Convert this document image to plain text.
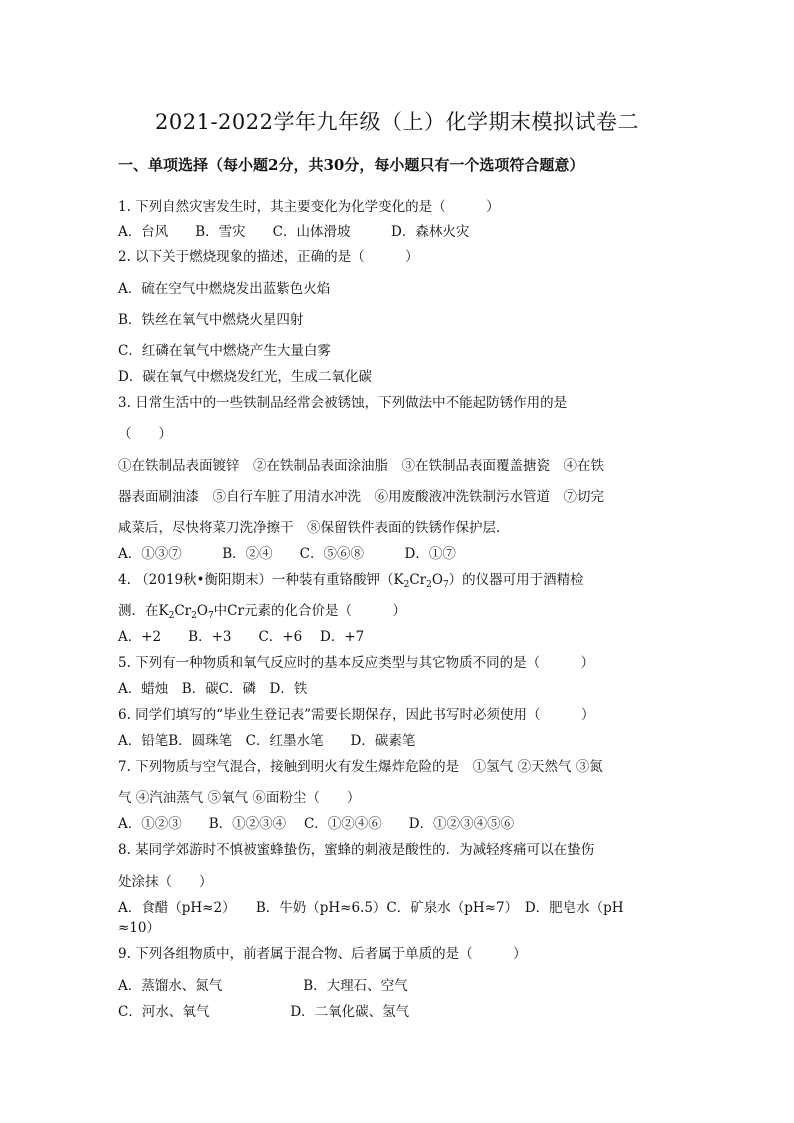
2021-2022学年九年级（上）化学期末模拟试卷二
一、单项选择（每小题2分，共30分，每小题只有一个选项符合题意）
1. 下列自然灾害发生时，其主要变化为化学变化的是（　　　）
A．台风　　B．雪灾　　C．山体滑坡　　　D．森林火灾
2. 以下关于燃烧现象的描述，正确的是（　　　）
A．硫在空气中燃烧发出蓝紫色火焰
B．铁丝在氧气中燃烧火星四射
C．红磷在氧气中燃烧产生大量白雾
D．碳在氧气中燃烧发红光，生成二氧化碳
3. 日常生活中的一些铁制品经常会被锈蚀，下列做法中不能起防锈作用的是
（　　）
①在铁制品表面镀锌　②在铁制品表面涂油脂　③在铁制品表面覆盖搪瓷　④在铁
器表面刷油漆　⑤自行车脏了用清水冲洗　⑥用废酸液冲洗铁制污水管道　⑦切完
咸菜后，尽快将菜刀洗净擦干　⑧保留铁件表面的铁锈作保护层．
A．①③⑦　　　B．②④　　C．⑤⑥⑧　　　D．①⑦
4. （2019秋•衡阳期末）一种装有重铬酸钾$(K_2Cr_2O_7)$的仪器可用于酒精检
测．在$K_2Cr_2O_7$中Cr元素的化合价是（　　　）
A．+2　　B．+3　　C．+6　 D．+7
5. 下列有一种物质和氧气反应时的基本反应类型与其它物质不同的是（　　　）
A．蜡烛　B．碳C．磷　D．铁
6. 同学们填写的“毕业生登记表”需要长期保存，因此书写时必须使用（　　　）
A．铅笔B．圆珠笔　C．红墨水笔　　D．碳素笔
7. 下列物质与空气混合，接触到明火有发生爆炸危险的是　①氢气 ②天然气 ③氮
气 ④汽油蒸气 ⑤氧气 ⑥面粉尘（　　）
A．①②③　　B．①②③④　 C．①②④⑥　　D．①②③④⑤⑥
8. 某同学郊游时不慎被蜜蜂蛰伤，蜜蜂的刺液是酸性的．为减轻疼痛可以在蛰伤
处涂抹（　　）
A．食醋（pH≈2）　　B．牛奶（pH≈6.5）C．矿泉水（pH≈7）　D．肥皂水（pH
≈10）
9. 下列各组物质中，前者属于混合物、后者属于单质的是（　　　）
A．蒸馏水、氮气　　　　　　B．大理石、空气
C．河水、氧气　　　　　　D．二氧化碳、氢气
